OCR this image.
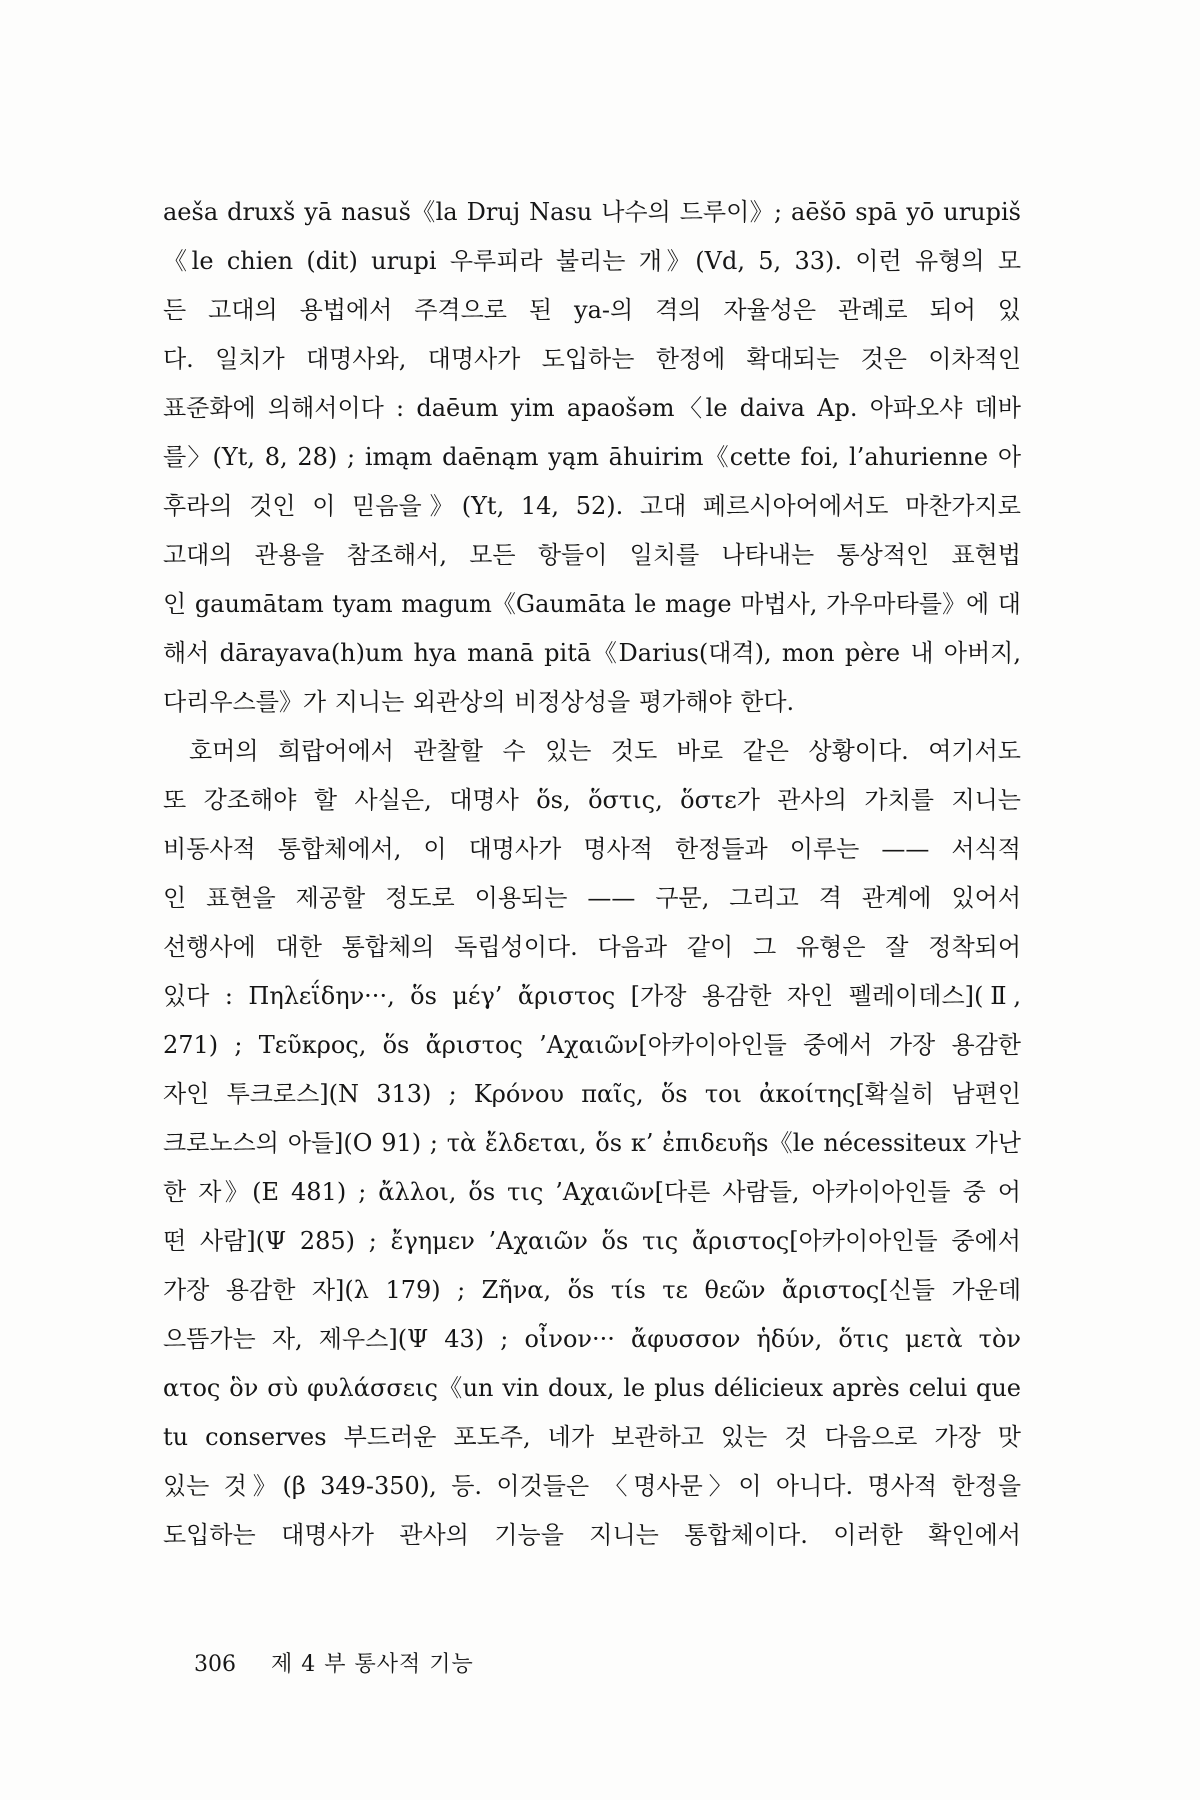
aeša druxš yā nasuš《la Druj Nasu 나수의 드루이》; aēšō spā yō urupiš
《le chien (dit) urupi 우루피라 불리는 개》(Vd, 5, 33). 이런 유형의 모
든 고대의 용법에서 주격으로 된 ya-의 격의 자율성은 관례로 되어 있
다. 일치가 대명사와, 대명사가 도입하는 한정에 확대되는 것은 이차적인
표준화에 의해서이다 : daēum yim apaošəm〈le daiva Ap. 아파오샤 데바
를〉(Yt, 8, 28) ; imąm daēnąm yąm āhuirim《cette foi, l’ahurienne 아
후라의 것인 이 믿음을》(Yt, 14, 52). 고대 페르시아어에서도 마찬가지로
고대의 관용을 참조해서, 모든 항들이 일치를 나타내는 통상적인 표현법
인 gaumātam tyam magum《Gaumāta le mage 마법사, 가우마타를》에 대
해서 dārayava(h)um hya manā pitā《Darius(대격), mon père 내 아버지,
다리우스를》가 지니는 외관상의 비정상성을 평가해야 한다.
호머의 희랍어에서 관찰할 수 있는 것도 바로 같은 상황이다. 여기서도
또 강조해야 할 사실은, 대명사 ὅs, ὅστις, ὅστε가 관사의 가치를 지니는
비동사적 통합체에서, 이 대명사가 명사적 한정들과 이루는 —— 서식적
인 표현을 제공할 정도로 이용되는 —— 구문, 그리고 격 관계에 있어서
선행사에 대한 통합체의 독립성이다. 다음과 같이 그 유형은 잘 정착되어
있다 : Πηλεΐδην···, ὅs μέγ’ ἄριστος [가장 용감한 자인 펠레이데스](Ⅱ,
271) ; Τεῦκρος, ὅs ἄριστος ’Αχαιῶν[아카이아인들 중에서 가장 용감한
자인 투크로스](N 313) ; Κρόνου παῖς, ὅs τοι ἀκοίτης[확실히 남편인
크로노스의 아들](O 91) ; τὰ ἔλδεται, ὅs κ’ ἐπιδευῆs《le nécessiteux 가난
한 자》(E 481) ; ἄλλοι, ὅs τις ’Αχαιῶν[다른 사람들, 아카이아인들 중 어
떤 사람](Ψ 285) ; ἔγημεν ’Αχαιῶν ὅs τις ἄριστος[아카이아인들 중에서
가장 용감한 자](λ 179) ; Ζῆνα, ὅs τίs τε θεῶν ἄριστος[신들 가운데
으뜸가는 자, 제우스](Ψ 43) ; οἶνον··· ἄφυσσον ἡδύν, ὅτις μετὰ τὸν
ατος ὃν σὺ φυλάσσεις《un vin doux, le plus délicieux après celui que
tu conserves 부드러운 포도주, 네가 보관하고 있는 것 다음으로 가장 맛
있는 것》(β 349-350), 등. 이것들은 〈명사문〉이 아니다. 명사적 한정을
도입하는 대명사가 관사의 기능을 지니는 통합체이다. 이러한 확인에서
306 제 4 부 통사적 기능
